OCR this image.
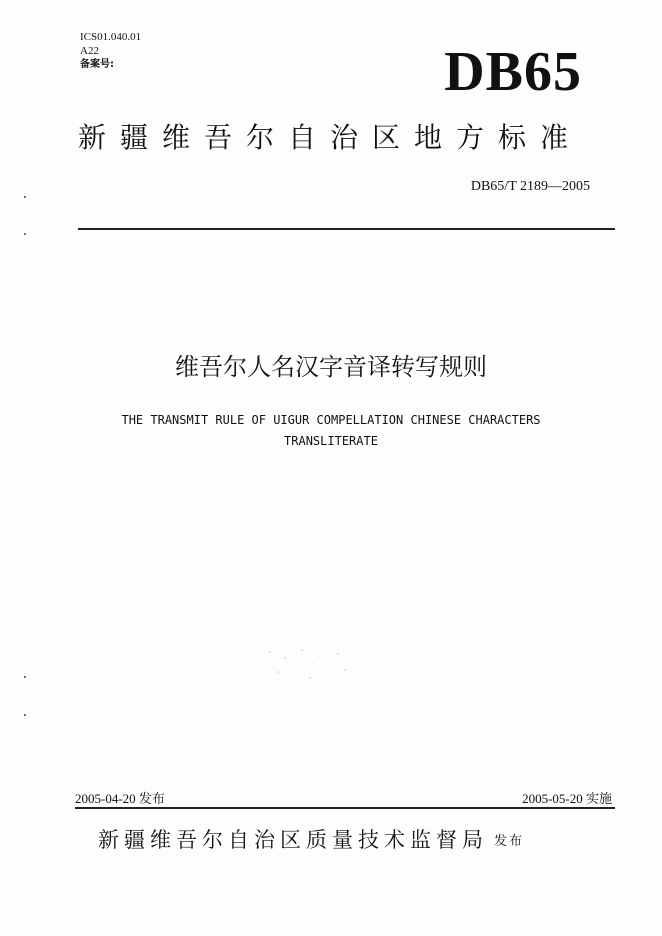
ICS01.040.01
A22
备案号:	DB65
新疆维吾尔自治区地方标准
DB65/T 2189—2005
维吾尔人名汉字音译转写规则
THE TRANSMIT RULE OF UIGUR COMPELLATION CHINESE CHARACTERS
TRANSLITERATE
2005-04-20 发布	2005-05-20 实施
新疆维吾尔自治区质量技术监督局 发布
